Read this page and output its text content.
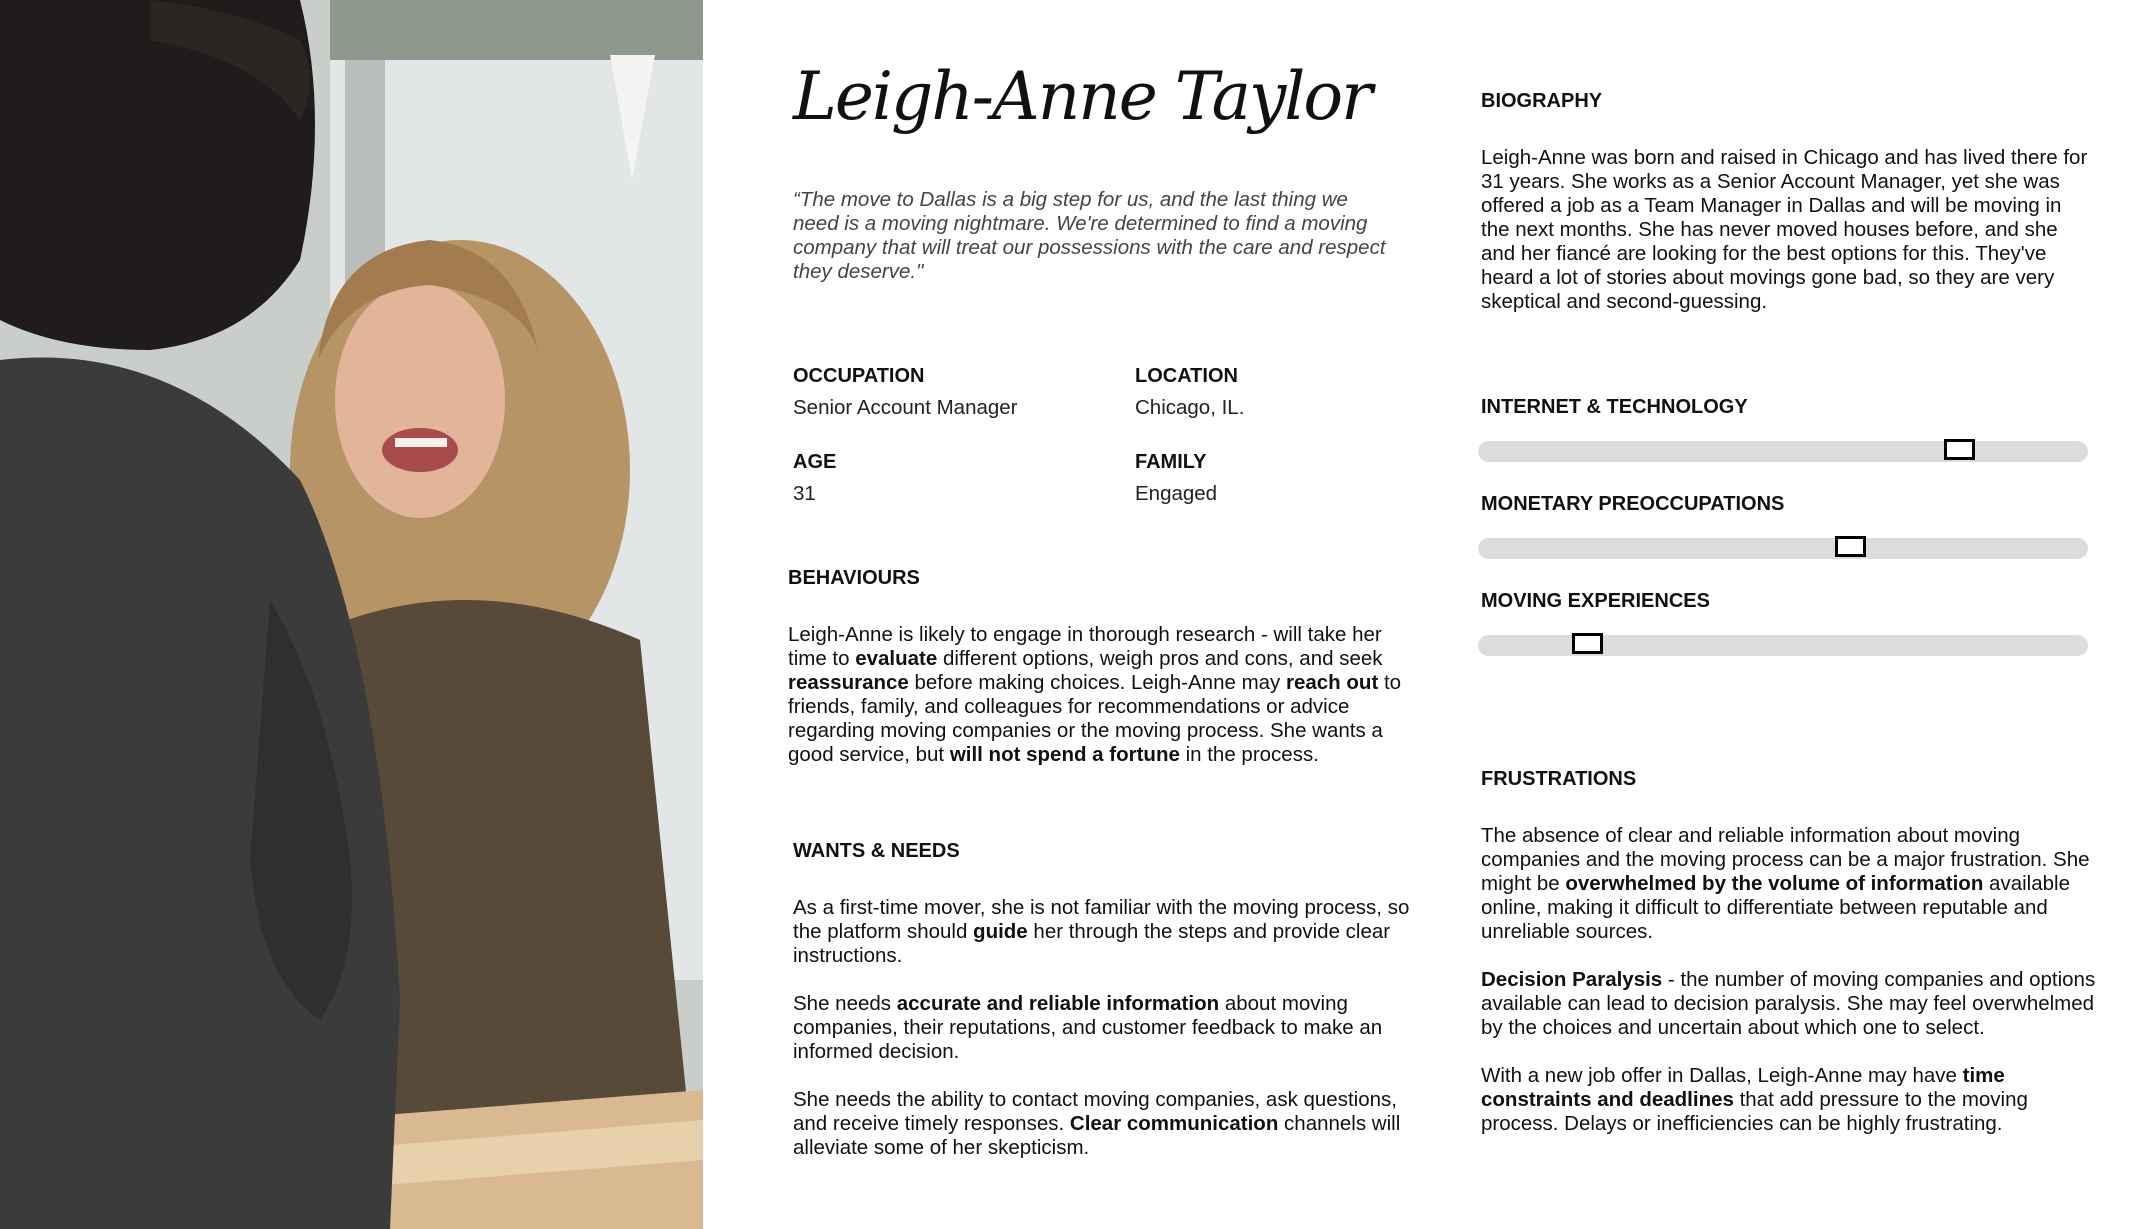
Leigh-Anne Taylor

“The move to Dallas is a big step for us, and the last thing we need is a moving nightmare. We're determined to find a moving company that will treat our possessions with the care and respect they deserve."

OCCUPATION
Senior Account Manager
LOCATION
Chicago, IL.
AGE
31
FAMILY
Engaged
BEHAVIOURS
Leigh-Anne is likely to engage in thorough research - will take her time to evaluate different options, weigh pros and cons, and seek reassurance before making choices. Leigh-Anne may reach out to friends, family, and colleagues for recommendations or advice regarding moving companies or the moving process. She wants a good service, but will not spend a fortune in the process.
WANTS & NEEDS

As a first-time mover, she is not familiar with the moving process, so the platform should guide her through the steps and provide clear instructions.

She needs accurate and reliable information about moving companies, their reputations, and customer feedback to make an informed decision.

She needs the ability to contact moving companies, ask questions, and receive timely responses. Clear communication channels will alleviate some of her skepticism.

BIOGRAPHY

Leigh-Anne was born and raised in Chicago and has lived there for 31 years. She works as a Senior Account Manager, yet she was offered a job as a Team Manager in Dallas and will be moving in the next months. She has never moved houses before, and she and her fiancé are looking for the best options for this. They've heard a lot of stories about movings gone bad, so they are very skeptical and second-guessing.

INTERNET & TECHNOLOGY
MONETARY PREOCCUPATIONS
MOVING EXPERIENCES
FRUSTRATIONS

The absence of clear and reliable information about moving companies and the moving process can be a major frustration. She might be overwhelmed by the volume of information available online, making it difficult to differentiate between reputable and unreliable sources.

Decision Paralysis - the number of moving companies and options available can lead to decision paralysis. She may feel overwhelmed by the choices and uncertain about which one to select.

With a new job offer in Dallas, Leigh-Anne may have time constraints and deadlines that add pressure to the moving process. Delays or inefficiencies can be highly frustrating.
